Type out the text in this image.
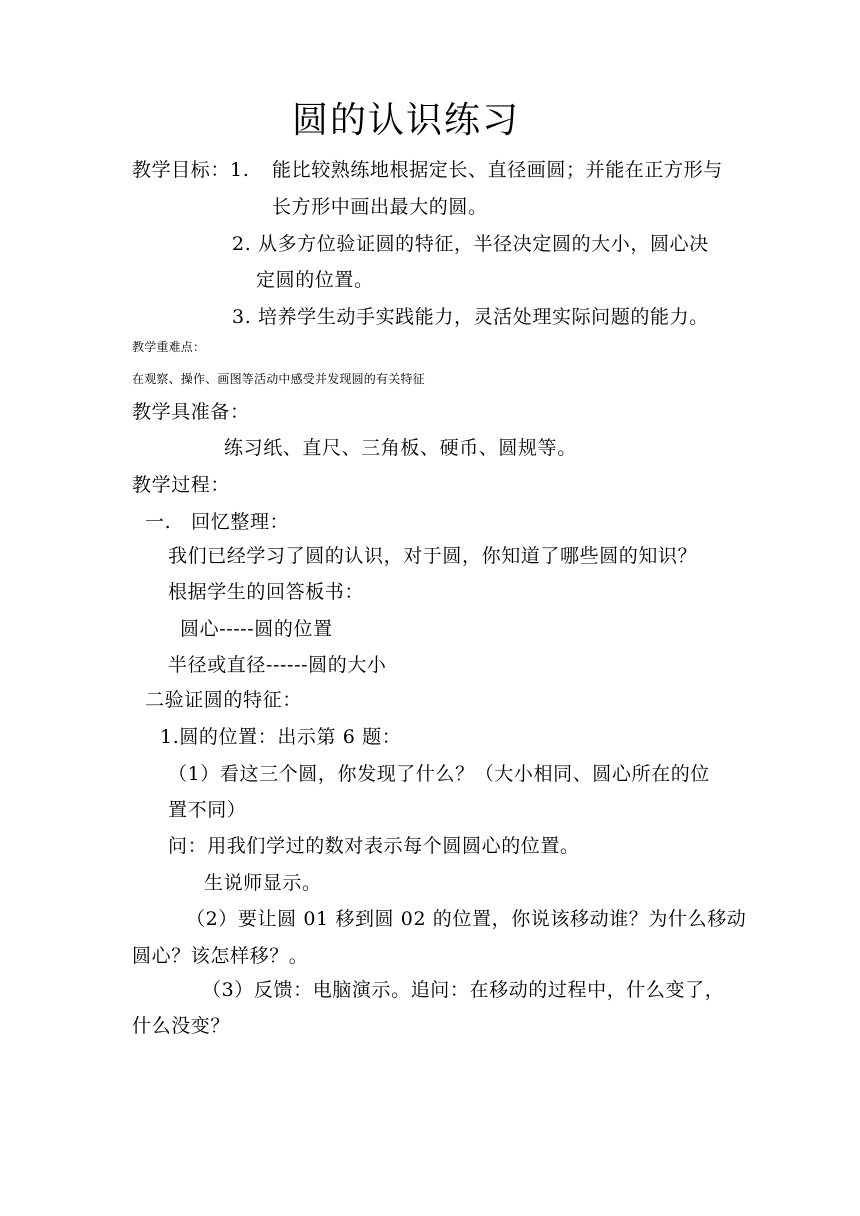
圆的认识练习
教学目标： 1. 能比较熟练地根据定长、直径画圆；并能在正方形与
长方形中画出最大的圆。
2. 从多方位验证圆的特征，半径决定圆的大小，圆心决
定圆的位置。
3. 培养学生动手实践能力，灵活处理实际问题的能力。
教学重难点：
在观察、操作、画图等活动中感受并发现圆的有关特征
教学具准备：
练习纸、直尺、三角板、硬币、圆规等。
教学过程：
一.   回忆整理：
我们已经学习了圆的认识，对于圆，你知道了哪些圆的知识？
根据学生的回答板书：
圆心-----圆的位置
半径或直径------圆的大小
二验证圆的特征：
1.圆的位置：出示第 6 题：
（1）看这三个圆，你发现了什么？（大小相同、圆心所在的位
置不同）
问：用我们学过的数对表示每个圆圆心的位置。
生说师显示。
（2）要让圆 01 移到圆 02 的位置，你说该移动谁？为什么移动
圆心？该怎样移？。
（3）反馈：电脑演示。追问：在移动的过程中，什么变了，
什么没变？
